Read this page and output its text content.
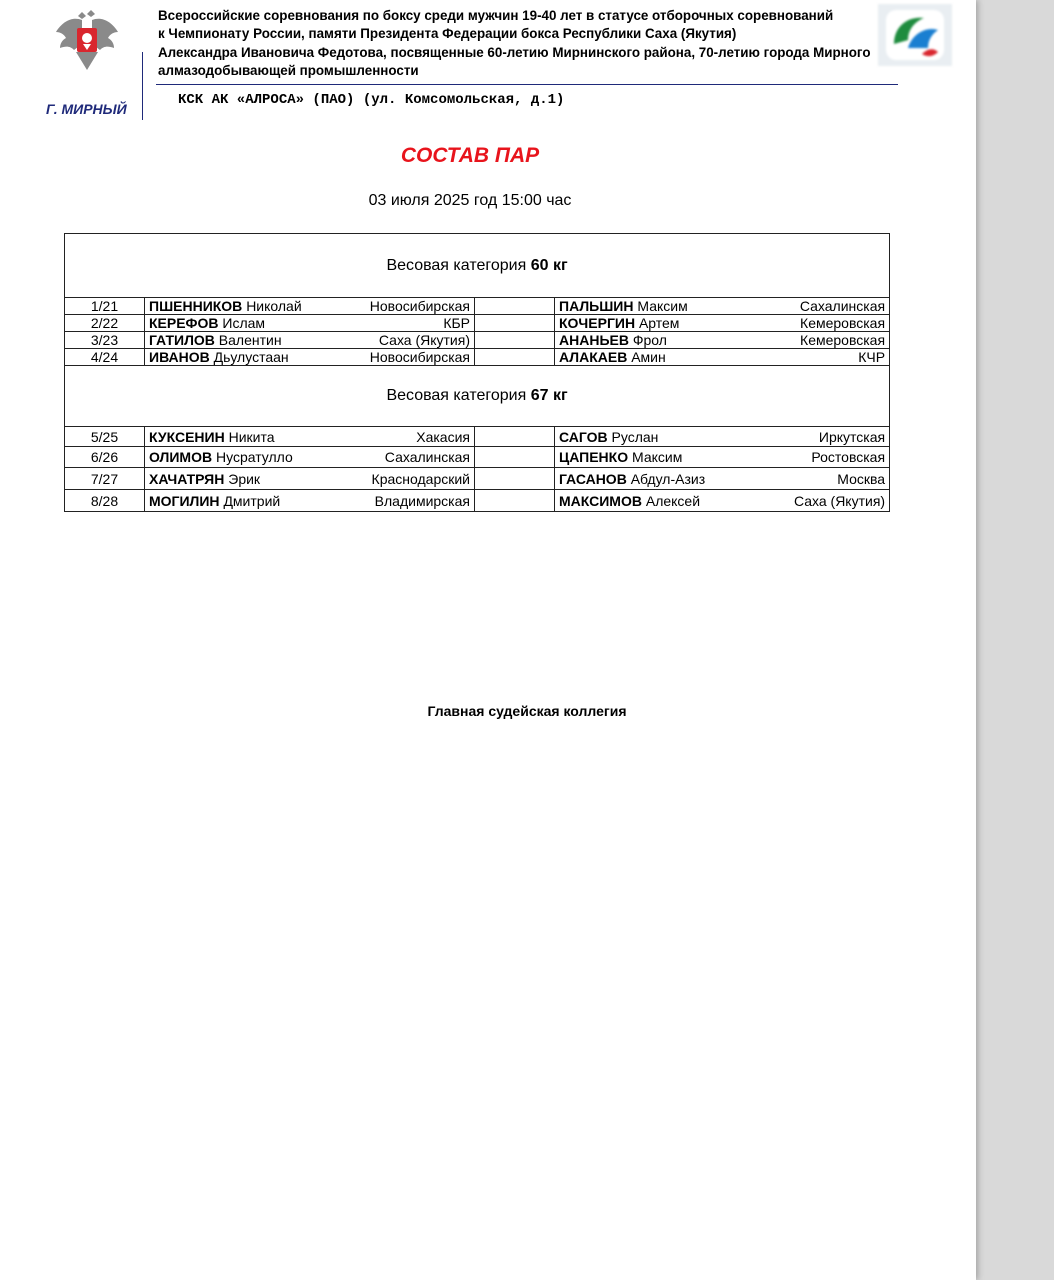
Всероссийские соревнования по боксу среди мужчин 19-40 лет в статусе отборочных соревнований
к Чемпионату России, памяти Президента Федерации бокса Республики Саха (Якутия)
Александра Ивановича Федотова, посвященные 60-летию Мирнинского района, 70-летию города Мирного
алмазодобывающей промышленности
Г. МИРНЫЙ
КСК АК «АЛРОСА» (ПАО) (ул. Комсомольская, д.1)
СОСТАВ ПАР
03 июля 2025 год 15:00 час
Весовая категория 60 кг					
1/21	ПШЕННИКОВ Николай	Новосибирская		ПАЛЬШИН Максим	Сахалинская
2/22	КЕРЕФОВ Ислам	КБР		КОЧЕРГИН Артем	Кемеровская
3/23	ГАТИЛОВ Валентин	Саха (Якутия)		АНАНЬЕВ Фрол	Кемеровская
4/24	ИВАНОВ Дьулустаан	Новосибирская		АЛАКАЕВ Амин	КЧР
Весовая категория 67 кг					
5/25	КУКСЕНИН Никита	Хакасия		САГОВ Руслан	Иркутская
6/26	ОЛИМОВ Нусратулло	Сахалинская		ЦАПЕНКО Максим	Ростовская
7/27	ХАЧАТРЯН Эрик	Краснодарский		ГАСАНОВ Абдул-Азиз	Москва
8/28	МОГИЛИН Дмитрий	Владимирская		МАКСИМОВ Алексей	Саха (Якутия)
Главная судейская коллегия
